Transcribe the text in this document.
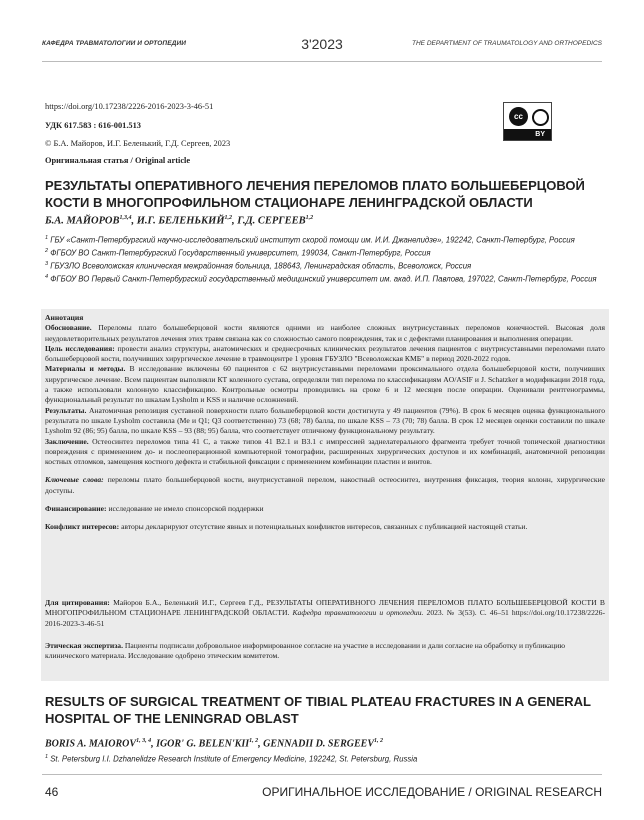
КАФЕДРА ТРАВМАТОЛОГИИ И ОРТОПЕДИИ	3'2023	THE DEPARTMENT OF TRAUMATOLOGY AND ORTHOPEDICS
https://doi.org/10.17238/2226-2016-2023-3-46-51
УДК 617.583 : 616-001.513
© Б.А. Майоров, И.Г. Беленький, Г.Д. Сергеев, 2023
Оригинальная статья / Original article
cc
BY
РЕЗУЛЬТАТЫ ОПЕРАТИВНОГО ЛЕЧЕНИЯ ПЕРЕЛОМОВ ПЛАТО БОЛЬШЕБЕРЦОВОЙ КОСТИ В МНОГОПРОФИЛЬНОМ СТАЦИОНАРЕ ЛЕНИНГРАДСКОЙ ОБЛАСТИ
Б.А. МАЙОРОВ$^{1,3,4}$, И.Г. БЕЛЕНЬКИЙ$^{1,2}$, Г.Д. СЕРГЕЕВ$^{1,2}$

$^1$ ГБУ «Санкт-Петербургский научно-исследовательский институт скорой помощи им. И.И. Джанелидзе», 192242, Санкт-Петербург, Россия

$^2$ ФГБОУ ВО Санкт-Петербургский Государственный университет, 199034, Санкт-Петербург, Россия

$^3$ ГБУЗЛО Всеволожская клиническая межрайонная больница, 188643, Ленинградская область, Всеволожск, Россия

$^4$ ФГБОУ ВО Первый Санкт-Петербургский государственный медицинский университет им. акад. И.П. Павлова, 197022, Санкт-Петербург, Россия

Аннотация

Обоснование. Переломы плато большеберцовой кости являются одними из наиболее сложных внутрисуставных переломов конечностей. Высокая доля неудовлетворительных результатов лечения этих травм связана как со сложностью самого повреждения, так и с дефектами планирования и выполнения операции.

Цель исследования: провести анализ структуры, анатомических и среднесрочных клинических результатов лечения пациентов с внутрисуставными переломами плато большеберцовой кости, получивших хирургическое лечение в травмоцентре 1 уровня ГБУЗЛО "Всеволожская КМБ" в период 2020-2022 годов.

Материалы и методы. В исследование включены 60 пациентов с 62 внутрисуставными переломами проксимального отдела большеберцовой кости, получивших хирургическое лечение. Всем пациентам выполняли КТ коленного сустава, определяли тип перелома по классификациям AO/ASIF и J. Schatzker в модификации 2018 года, а также использовали колонную классификацию. Контрольные осмотры проводились на сроке 6 и 12 месяцев после операции. Оценивали рентгенограммы, функциональный результат по шкалам Lysholm и KSS и наличие осложнений.

Результаты. Анатомичная репозиция суставной поверхности плато большеберцовой кости достигнута у 49 пациентов (79%). В срок 6 месяцев оценка функционального результата по шкале Lysholm составила (Me и Q1; Q3 соответственно) 73 (68; 78) балла, по шкале KSS – 73 (70; 78) балла. В срок 12 месяцев оценки составили по шкале Lysholm 92 (86; 95) балла, по шкале KSS – 93 (88; 95) балла, что соответствует отличному функциональному результату.

Заключение. Остеосинтез переломов типа 41 C, а также типов 41 B2.1 и B3.1 с импрессией заднелатерального фрагмента требует точной топической диагностики повреждения с применением до- и послеоперационной компьютерной томографии, расширенных хирургических доступов и их комбинаций, анатомичной репозиции костных отломков, замещения костного дефекта и стабильной фиксации с применением комбинации пластин и винтов.

Ключевые слова: переломы плато большеберцовой кости, внутрисуставной перелом, накостный остеосинтез, внутренняя фиксация, теория колонн, хирургические доступы.

Финансирование: исследование не имело спонсорской поддержки

Конфликт интересов: авторы декларируют отсутствие явных и потенциальных конфликтов интересов, связанных с публикацией настоящей статьи.

Для цитирования: Майоров Б.А., Беленький И.Г., Сергеев Г.Д., РЕЗУЛЬТАТЫ ОПЕРАТИВНОГО ЛЕЧЕНИЯ ПЕРЕЛОМОВ ПЛАТО БОЛЬШЕБЕРЦОВОЙ КОСТИ В МНОГОПРОФИЛЬНОМ СТАЦИОНАРЕ ЛЕНИНГРАДСКОЙ ОБЛАСТИ. Кафедра травматологии и ортопедии. 2023. № 3(53). С. 46–51 https://doi.org/10.17238/2226-2016-2023-3-46-51

Этическая экспертиза. Пациенты подписали добровольное информированное согласие на участие в исследовании и дали согласие на обработку и публикацию клинического материала. Исследование одобрено этическим комитетом.

RESULTS OF SURGICAL TREATMENT OF TIBIAL PLATEAU FRACTURES IN A GENERAL HOSPITAL OF THE LENINGRAD OBLAST
BORIS A. MAIOROV$^{1, 3, 4}$, IGOR' G. BELEN'KII$^{1, 2}$, GENNADII D. SERGEEV$^{1, 2}$
$^1$ St. Petersburg I.I. Dzhanelidze Research Institute of Emergency Medicine, 192242, St. Petersburg, Russia
46	ОРИГИНАЛЬНОЕ ИССЛЕДОВАНИЕ / ORIGINAL RESEARCH
